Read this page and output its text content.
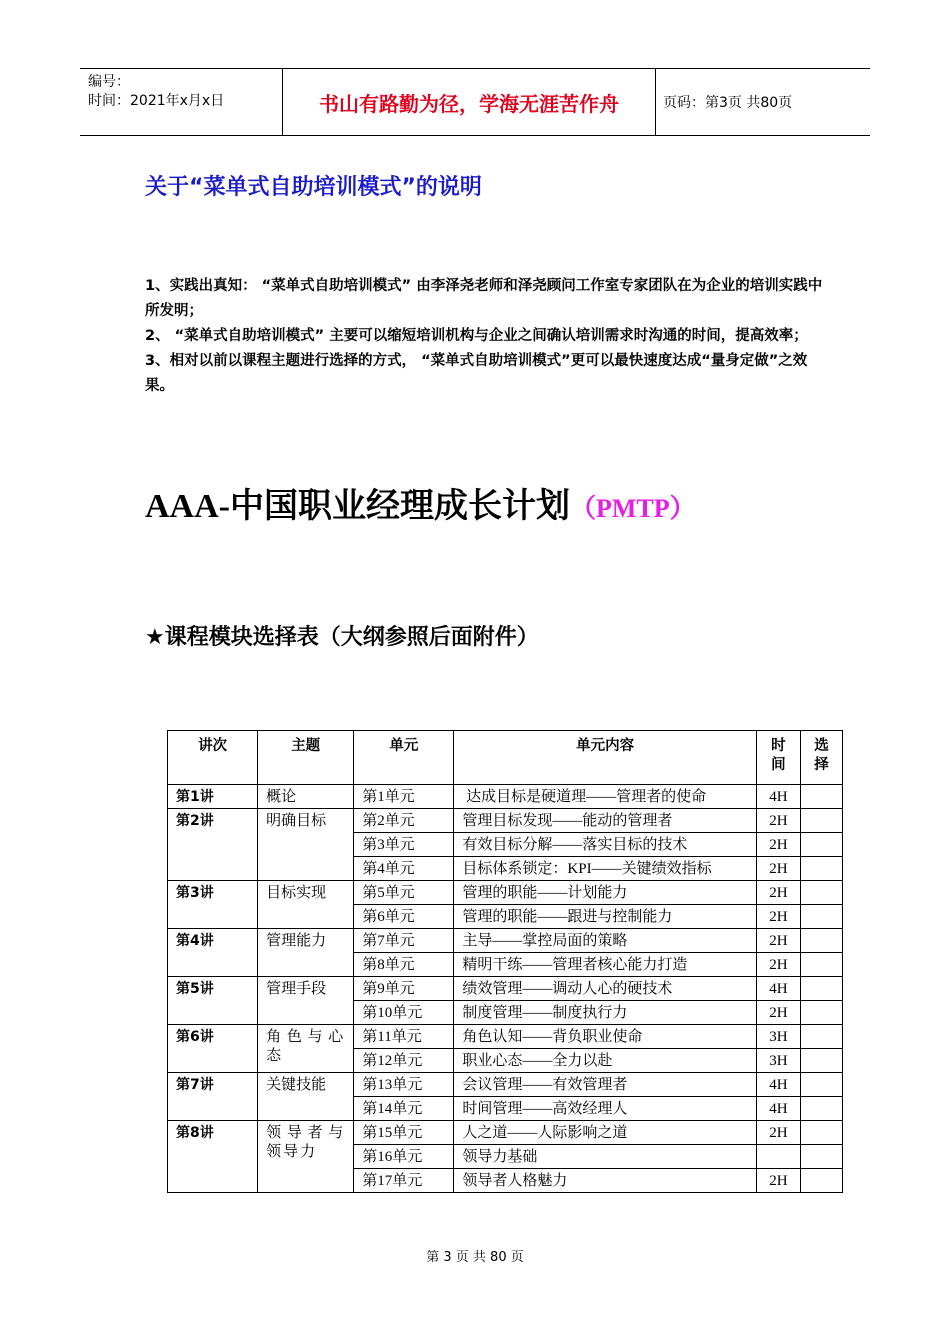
编号：
时间：2021年x月x日	书山有路勤为径，学海无涯苦作舟	页码：第3页 共80页
关于“菜单式自助培训模式”的说明

1、实践出真知： “菜单式自助培训模式” 由李泽尧老师和泽尧顾问工作室专家团队在为企业的培训实践中所发明；

2、 “菜单式自助培训模式” 主要可以缩短培训机构与企业之间确认培训需求时沟通的时间，提高效率；

3、相对以前以课程主题进行选择的方式， “菜单式自助培训模式”更可以最快速度达成“量身定做”之效果。

AAA-中国职业经理成长计划（PMTP）
★课程模块选择表（大纲参照后面附件）
讲次	主题	单元	单元内容	时间	选择
第1讲	概论	第1单元	达成目标是硬道理——管理者的使命	4H	
第2讲	明确目标	第2单元	管理目标发现——能动的管理者	2H	
		第3单元	有效目标分解——落实目标的技术	2H	
		第4单元	目标体系锁定：KPI——关键绩效指标	2H	
第3讲	目标实现	第5单元	管理的职能——计划能力	2H	
		第6单元	管理的职能——跟进与控制能力	2H	
第4讲	管理能力	第7单元	主导——掌控局面的策略	2H	
		第8单元	精明干练——管理者核心能力打造	2H	
第5讲	管理手段	第9单元	绩效管理——调动人心的硬技术	4H	
		第10单元	制度管理——制度执行力	2H	
第6讲	角色与心态	第11单元	角色认知——背负职业使命	3H	
		第12单元	职业心态——全力以赴	3H	
第7讲	关键技能	第13单元	会议管理——有效管理者	4H	
		第14单元	时间管理——高效经理人	4H	
第8讲	领导者与领导力	第15单元	人之道——人际影响之道	2H	
		第16单元	领导力基础		
		第17单元	领导者人格魅力	2H	
第 3 页 共 80 页
